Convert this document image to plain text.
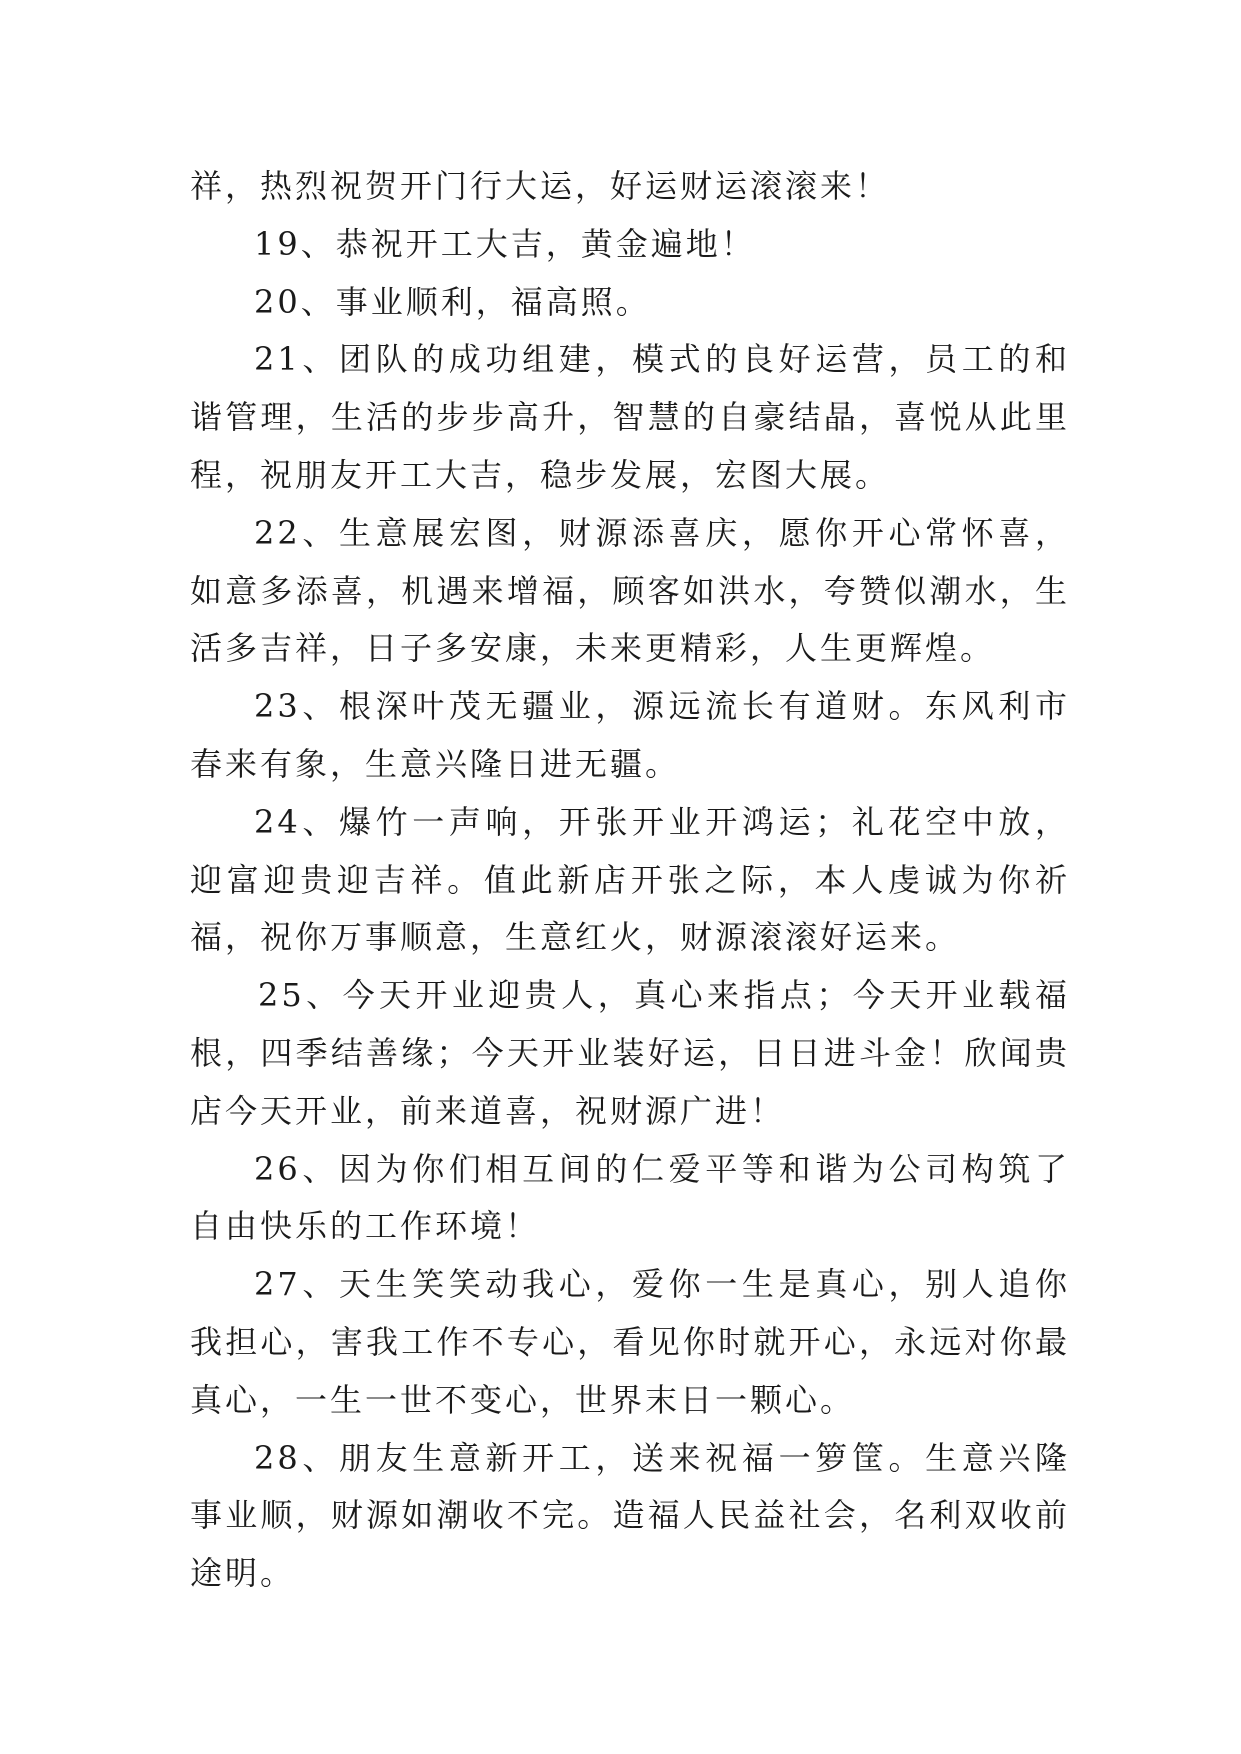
祥，热烈祝贺开门行大运，好运财运滚滚来！

19、恭祝开工大吉，黄金遍地！

20、事业顺利，福高照。

21、团队的成功组建，模式的良好运营，员工的和谐管理，生活的步步高升，智慧的自豪结晶，喜悦从此里程，祝朋友开工大吉，稳步发展，宏图大展。

22、生意展宏图，财源添喜庆，愿你开心常怀喜，如意多添喜，机遇来增福，顾客如洪水，夸赞似潮水，生活多吉祥，日子多安康，未来更精彩，人生更辉煌。

23、根深叶茂无疆业，源远流长有道财。东风利市春来有象，生意兴隆日进无疆。

24、爆竹一声响，开张开业开鸿运；礼花空中放，迎富迎贵迎吉祥。值此新店开张之际，本人虔诚为你祈福，祝你万事顺意，生意红火，财源滚滚好运来。

25、今天开业迎贵人，真心来指点；今天开业载福根，四季结善缘；今天开业装好运，日日进斗金！欣闻贵店今天开业，前来道喜，祝财源广进！

26、因为你们相互间的仁爱平等和谐为公司构筑了自由快乐的工作环境！

27、天生笑笑动我心，爱你一生是真心，别人追你我担心，害我工作不专心，看见你时就开心，永远对你最真心，一生一世不变心，世界末日一颗心。

28、朋友生意新开工，送来祝福一箩筐。生意兴隆事业顺，财源如潮收不完。造福人民益社会，名利双收前途明。
